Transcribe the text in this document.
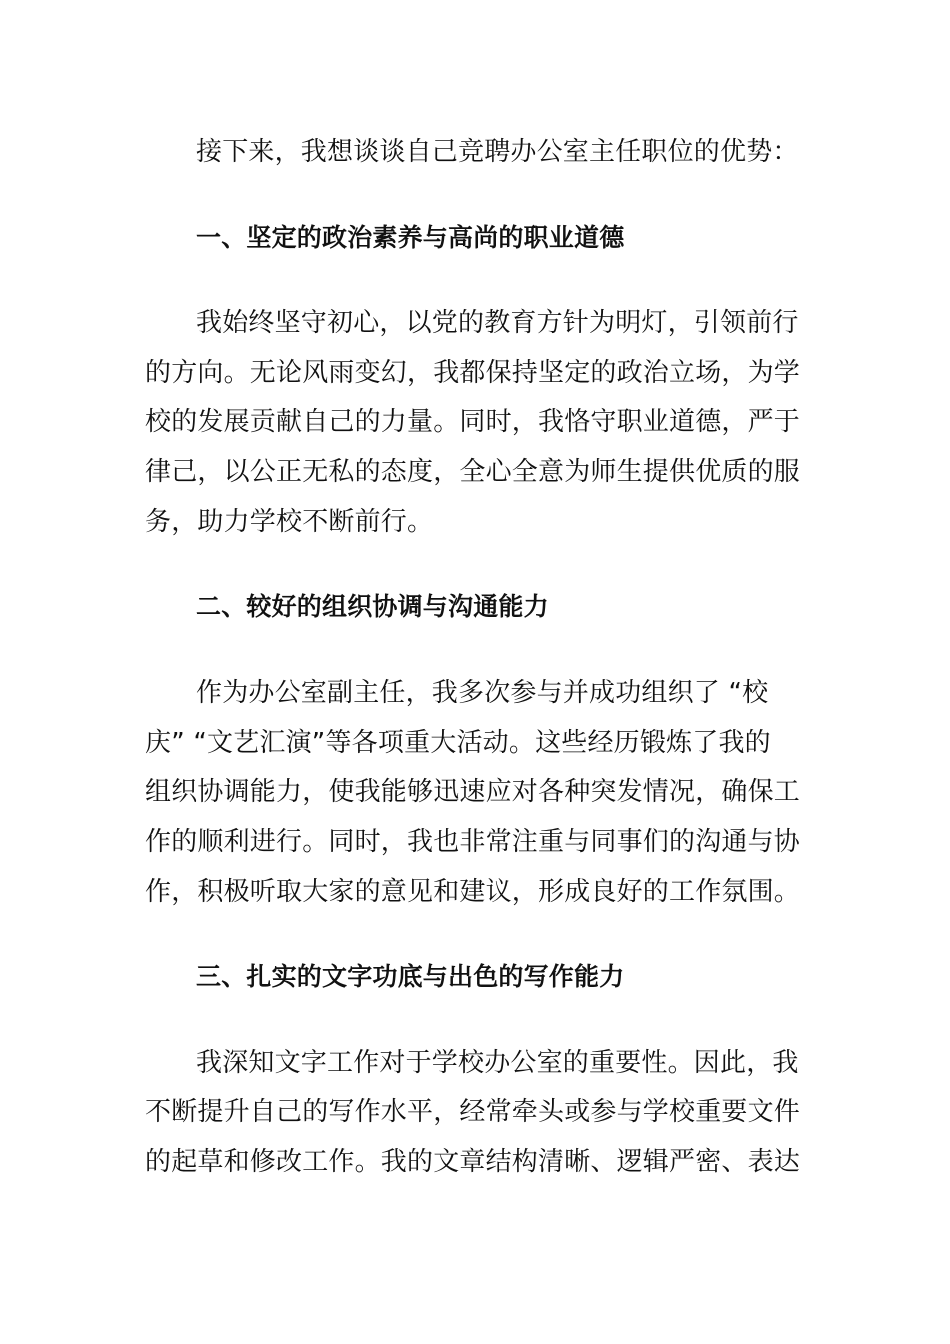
接下来，我想谈谈自己竞聘办公室主任职位的优势：
一、坚定的政治素养与高尚的职业道德
我始终坚守初心，以党的教育方针为明灯，引领前行
的方向。无论风雨变幻，我都保持坚定的政治立场，为学
校的发展贡献自己的力量。同时，我恪守职业道德，严于
律己，以公正无私的态度，全心全意为师生提供优质的服
务，助力学校不断前行。
二、较好的组织协调与沟通能力
作为办公室副主任，我多次参与并成功组织了 “校
庆” “文艺汇演”等各项重大活动。这些经历锻炼了我的
组织协调能力，使我能够迅速应对各种突发情况，确保工
作的顺利进行。同时，我也非常注重与同事们的沟通与协
作，积极听取大家的意见和建议，形成良好的工作氛围。
三、扎实的文字功底与出色的写作能力
我深知文字工作对于学校办公室的重要性。因此，我
不断提升自己的写作水平，经常牵头或参与学校重要文件
的起草和修改工作。我的文章结构清晰、逻辑严密、表达
